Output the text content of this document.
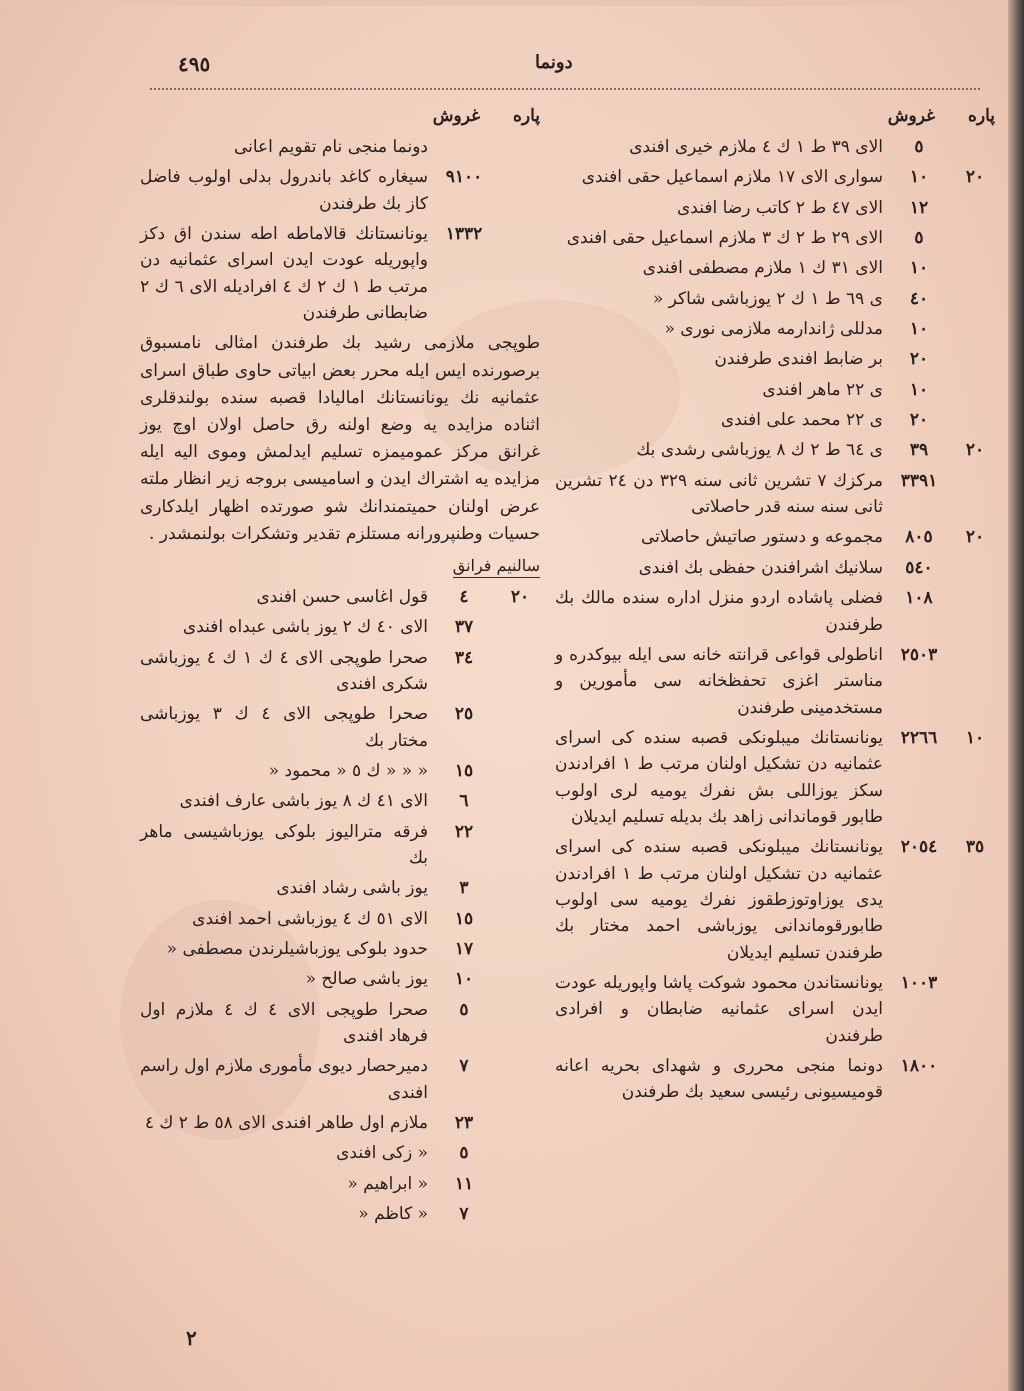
دونما
٤٩٥
پاره
غروش
٥
الای ٣٩ ط ١ ك ٤ ملازم خیری افندی
٢٠
١٠
سواری الای ١٧ ملازم اسماعیل حقی افندی
١٢
الای ٤٧ ط ٢ کاتب رضا افندی
٥
الای ٢٩ ط ٢ ك ٣ ملازم اسماعیل حقی افندی
١٠
الای ٣١ ك ١ ملازم مصطفی افندی
٤٠
ی ٦٩ ط ١ ك ٢ یوزباشی شاکر «
١٠
مدللی ژاندارمه ملازمی نوری «
٢٠
بر ضابط افندی طرفندن
١٠
ی ٢٢ ماهر افندی
٢٠
ی ٢٢ محمد علی افندی
٢٠
٣٩
ی ٦٤ ط ٢ ك ٨ یوزباشی رشدی بك
٣٣٩١
مرکزك ٧ تشرین ثانی سنه ٣٢٩ دن ٢٤ تشرین ثانی سنه سنه قدر حاصلاتی
٢٠
٨٠٥
مجموعه و دستور صاتیش حاصلاتی
٥٤٠
سلانیك اشرافندن حفظی بك افندی
١٠٨
فضلی پاشاده اردو منزل اداره سنده مالك بك طرفندن
٢٥٠٣
اناطولی قواعی قرانته خانه سی ایله بیوکدره و مناستر اغزی تحفظخانه سی مأمورین و مستخدمینی طرفندن
١٠
٢٢٦٦
یونانستانك میبلونکی قصبه سنده کی اسرای عثمانیه دن تشکیل اولنان مرتب ط ١ افرادندن سکز یوزاللی بش نفرك یومیه لری اولوب طابور قوماندانی زاهد بك بدیله تسلیم ایدیلان
٣٥
٢٠٥٤
یونانستانك میبلونکی قصبه سنده کی اسرای عثمانیه دن تشکیل اولنان مرتب ط ١ افرادندن یدی یوزاوتوزطقوز نفرك یومیه سی اولوب طابورقوماندانی یوزباشی احمد مختار بك طرفندن تسلیم ایدیلان
١٠٠٣
یونانستاندن محمود شوکت پاشا واپوریله عودت ایدن اسرای عثمانیه ضابطان و افرادی طرفندن
١٨٠٠
دونما منجی محرری و شهدای بحریه اعانه قومیسیونی رئیسی سعید بك طرفندن
پاره
غروش
دونما منجی نام تقویم اعانی
٩١٠٠
سیغاره کاغد باندرول بدلی اولوب فاضل کاز بك طرفندن
١٣٣٢
یونانستانك قالاماطه اطه سندن اق دکز واپوریله عودت ایدن اسرای عثمانیه دن مرتب ط ١ ك ٢ ك ٤ افرادیله الای ٦ ك ٢ ضابطانی طرفندن
طوپجی ملازمی رشید بك طرفندن امثالی نامسبوق برصورنده ایس ایله محرر بعض ابیاتی حاوی طباق اسرای عثمانیه نك یونانستانك امالیادا قصبه سنده بولندقلری اثناده مزایده یه وضع اولنه رق حاصل اولان اوچ یوز غرانق مرکز عمومیمزه تسلیم ایدلمش وموی الیه ایله مزایده یه اشتراك ایدن و اسامیسی بروجه زیر انظار ملته عرض اولنان حمیتمندانك شو صورتده اظهار ایلدکاری حسیات وطنپرورانه مستلزم تقدیر وتشکرات بولنمشدر .
سالنیم فرانق
٢٠
٤
قول اغاسی حسن افندی
٣٧
الای ٤٠ ك ٢ یوز باشی عبداه افندی
٣٤
صحرا طوپجی الای ٤ ك ١ ك ٤ یوزباشی شکری افندی
٢٥
صحرا طوپجی الای ٤ ك ٣ یوزباشی مختار بك
١٥
« « « ك ٥ « محمود «
٦
الای ٤١ ك ٨ یوز باشی عارف افندی
٢٢
فرقه مترالیوز بلوکی یوزباشیسی ماهر بك
٣
یوز باشی رشاد افندی
١٥
الای ٥١ ك ٤ یوزباشی احمد افندی
١٧
حدود بلوکی یوزباشیلرندن مصطفی «
١٠
یوز باشی صالح «
٥
صحرا طوپجی الای ٤ ك ٤ ملازم اول فرهاد افندی
٧
دمیرحصار دیوی مأموری ملازم اول راسم افندی
٢٣
ملازم اول طاهر افندی الای ٥٨ ط ٢ ك ٤
٥
« زکی افندی
١١
« ابراهیم «
٧
« کاظم «
٢
